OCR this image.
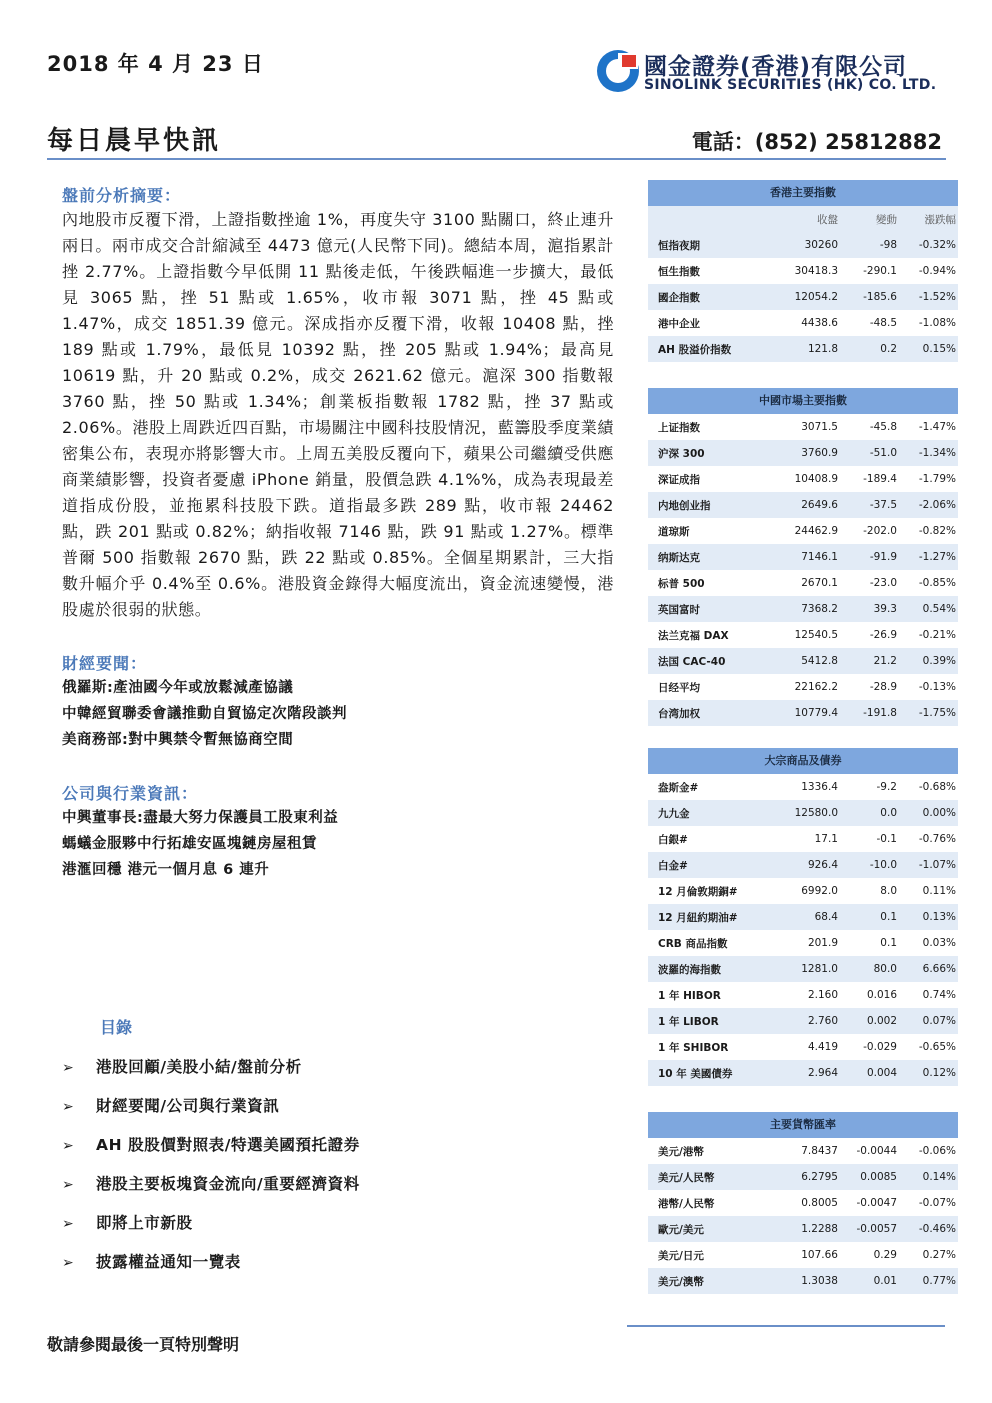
2018 年 4 月 23 日	國金證券(香港)有限公司
SINOLINK SECURITIES (HK) CO. LTD.
每日晨早快訊	電話：(852) 25812882
盤前分析摘要：

內地股市反覆下滑，上證指數挫逾 1%，再度失守 3100 點關口，終止連升兩日。兩市成交合計縮減至 4473 億元(人民幣下同)。總結本周，滬指累計挫 2.77%。上證指數今早低開 11 點後走低，午後跌幅進一步擴大，最低見 3065 點，挫 51 點或 1.65%，收市報 3071 點，挫 45 點或 1.47%，成交 1851.39 億元。深成指亦反覆下滑，收報 10408 點，挫 189 點或 1.79%，最低見 10392 點，挫 205 點或 1.94%；最高見 10619 點，升 20 點或 0.2%，成交 2621.62 億元。滬深 300 指數報 3760 點，挫 50 點或 1.34%；創業板指數報 1782 點，挫 37 點或 2.06%。港股上周跌近四百點，市場關注中國科技股情況，藍籌股季度業績密集公布，表現亦將影響大市。上周五美股反覆向下，蘋果公司繼續受供應商業績影響，投資者憂慮 iPhone 銷量，股價急跌 4.1%%，成為表現最差道指成份股，並拖累科技股下跌。道指最多跌 289 點，收市報 24462 點，跌 201 點或 0.82%；納指收報 7146 點，跌 91 點或 1.27%。標準普爾 500 指數報 2670 點，跌 22 點或 0.85%。全個星期累計，三大指數升幅介乎 0.4%至 0.6%。港股資金錄得大幅度流出，資金流速變慢，港股處於很弱的狀態。

財經要聞：
俄羅斯:產油國今年或放鬆減產協議
中韓經貿聯委會議推動自貿協定次階段談判
美商務部:對中興禁令暫無協商空間
公司與行業資訊：
中興董事長:盡最大努力保護員工股東利益
螞蟻金服夥中行拓雄安區塊鏈房屋租賃
港滙回穩 港元一個月息 6 連升
目錄
➢ 港股回顧/美股小結/盤前分析
➢ 財經要聞/公司與行業資訊
➢ AH 股股價對照表/特選美國預托證券
➢ 港股主要板塊資金流向/重要經濟資料
➢ 即將上市新股
➢ 披露權益通知一覽表
敬請參閱最後一頁特別聲明
香港主要指數
收盤	變動	漲跌幅
恒指夜期	30260	-98	-0.32%
恒生指數	30418.3	-290.1	-0.94%
國企指數	12054.2	-185.6	-1.52%
港中企业	4438.6	-48.5	-1.08%
AH 股溢价指数	121.8	0.2	0.15%
中國市場主要指數
上证指数	3071.5	-45.8	-1.47%
沪深 300	3760.9	-51.0	-1.34%
深证成指	10408.9	-189.4	-1.79%
内地创业指	2649.6	-37.5	-2.06%
道琼斯	24462.9	-202.0	-0.82%
纳斯达克	7146.1	-91.9	-1.27%
标普 500	2670.1	-23.0	-0.85%
英国富时	7368.2	39.3	0.54%
法兰克福 DAX	12540.5	-26.9	-0.21%
法国 CAC-40	5412.8	21.2	0.39%
日经平均	22162.2	-28.9	-0.13%
台湾加权	10779.4	-191.8	-1.75%
大宗商品及債券
盎斯金#	1336.4	-9.2	-0.68%
九九金	12580.0	0.0	0.00%
白銀#	17.1	-0.1	-0.76%
白金#	926.4	-10.0	-1.07%
12 月倫敦期銅#	6992.0	8.0	0.11%
12 月紐約期油#	68.4	0.1	0.13%
CRB 商品指數	201.9	0.1	0.03%
波羅的海指數	1281.0	80.0	6.66%
1 年 HIBOR	2.160	0.016	0.74%
1 年 LIBOR	2.760	0.002	0.07%
1 年 SHIBOR	4.419	-0.029	-0.65%
10 年 美國債券	2.964	0.004	0.12%
主要貨幣匯率
美元/港幣	7.8437	-0.0044	-0.06%
美元/人民幣	6.2795	0.0085	0.14%
港幣/人民幣	0.8005	-0.0047	-0.07%
歐元/美元	1.2288	-0.0057	-0.46%
美元/日元	107.66	0.29	0.27%
美元/澳幣	1.3038	0.01	0.77%
